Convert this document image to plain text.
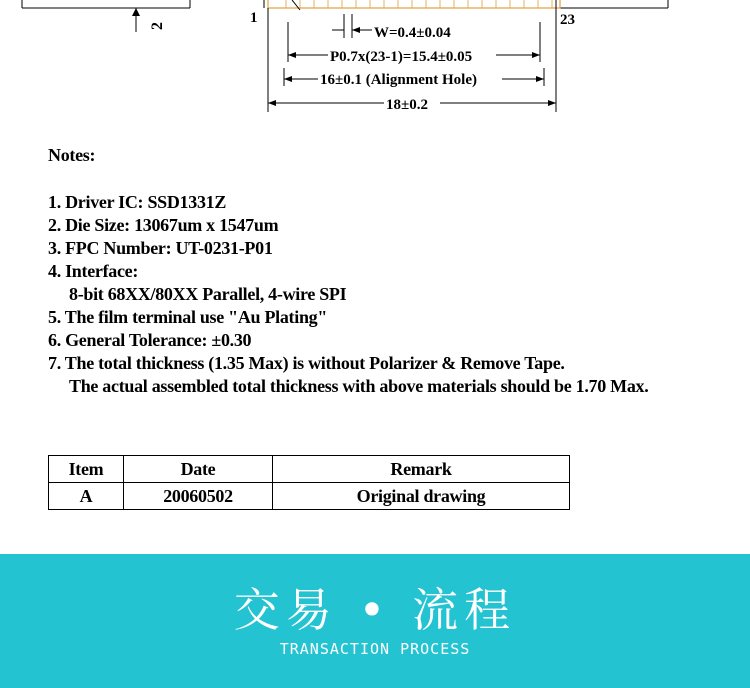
2	1	23
W=0.4±0.04
P0.7x(23-1)=15.4±0.05
16±0.1 (Alignment Hole)
18±0.2
Notes:
1. Driver IC: SSD1331Z
2. Die Size: 13067um x 1547um
3. FPC Number: UT-0231-P01
4. Interface:
8-bit 68XX/80XX Parallel, 4-wire SPI
5. The film terminal use "Au Plating"
6. General Tolerance: ±0.30
7. The total thickness (1.35 Max) is without Polarizer & Remove Tape.
The actual assembled total thickness with above materials should be 1.70 Max.
Item	Date	Remark
A	20060502	Original drawing
交易 • 流程
TRANSACTION PROCESS
